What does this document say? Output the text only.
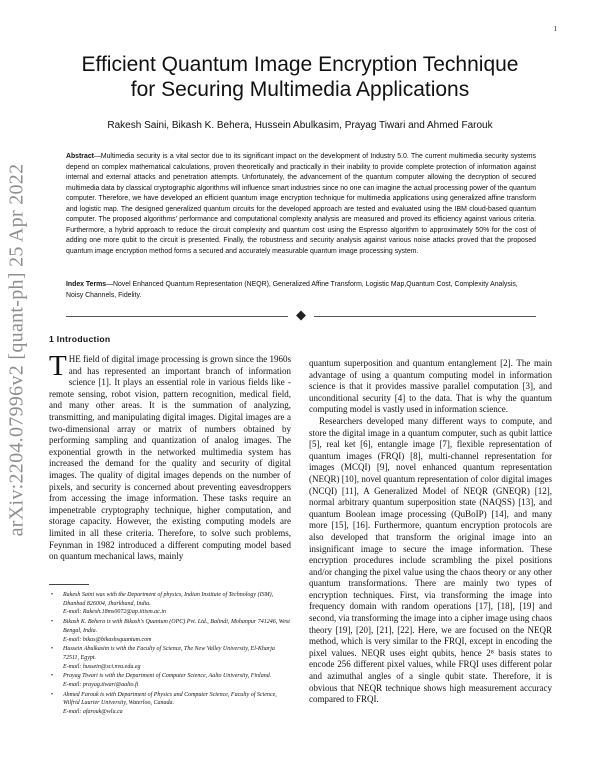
1
arXiv:2204.07996v2 [quant-ph] 25 Apr 2022
Efficient Quantum Image Encryption Technique
for Securing Multimedia Applications
Rakesh Saini, Bikash K. Behera, Hussein Abulkasim, Prayag Tiwari and Ahmed Farouk

Abstract—Multimedia security is a vital sector due to its significant impact on the development of Industry 5.0. The current multimedia security systems depend on complex mathematical calculations, proven theoretically and practically in their inability to provide complete protection of information against internal and external attacks and penetration attempts. Unfortunately, the advancement of the quantum computer allowing the decryption of secured multimedia data by classical cryptographic algorithms will influence smart industries since no one can imagine the actual processing power of the quantum computer. Therefore, we have developed an efficient quantum image encryption technique for multimedia applications using generalized affine transform and logistic map. The designed generalized quantum circuits for the developed approach are tested and evaluated using the IBM cloud-based quantum computer. The proposed algorithms' performance and computational complexity analysis are measured and proved its efficiency against various criteria. Furthermore, a hybrid approach to reduce the circuit complexity and quantum cost using the Espresso algorithm to approximately 50% for the cost of adding one more qubit to the circuit is presented. Finally, the robustness and security analysis against various noise attacks proved that the proposed quantum image encryption method forms a secured and accurately measurable quantum image processing system.

Index Terms—Novel Enhanced Quantum Representation (NEQR), Generalized Affine Transform, Logistic Map,Quantum Cost, Complexity Analysis, Noisy Channels, Fidelity.

1 Introduction

THE field of digital image processing is grown since the 1960s and has represented an important branch of information science [1]. It plays an essential role in various fields like - remote sensing, robot vision, pattern recognition, medical field, and many other areas. It is the summation of analyzing, transmitting, and manipulating digital images. Digital images are a two-dimensional array or matrix of numbers obtained by performing sampling and quantization of analog images. The exponential growth in the networked multimedia system has increased the demand for the quality and security of digital images. The quality of digital images depends on the number of pixels, and security is concerned about preventing eavesdroppers from accessing the image information. These tasks require an impenetrable cryptography technique, higher computation, and storage capacity. However, the existing computing models are limited in all these criteria. Therefore, to solve such problems, Feynman in 1982 introduced a different computing model based on quantum mechanical laws, mainly

quantum superposition and quantum entanglement [2]. The main advantage of using a quantum computing model in information science is that it provides massive parallel computation [3], and unconditional security [4] to the data. That is why the quantum computing model is vastly used in information science.

Researchers developed many different ways to compute, and store the digital image in a quantum computer, such as qubit lattice [5], real ket [6], entangle image [7], flexible representation of quantum images (FRQI) [8], multi-channel representation for images (MCQI) [9], novel enhanced quantum representation (NEQR) [10], novel quantum representation of color digital images (NCQI) [11], A Generalized Model of NEQR (GNEQR) [12], normal arbitrary quantum superposition state (NAQSS) [13], and quantum Boolean image processing (QuBoIP) [14], and many more [15], [16]. Furthermore, quantum encryption protocols are also developed that transform the original image into an insignificant image to secure the image information. These encryption procedures include scrambling the pixel positions and/or changing the pixel value using the chaos theory or any other quantum transformations. There are mainly two types of encryption techniques. First, via transforming the image into frequency domain with random operations [17], [18], [19] and second, via transforming the image into a cipher image using chaos theory [19], [20], [21], [22]. Here, we are focused on the NEQR method, which is very similar to the FRQI, except in encoding the pixel values. NEQR uses eight qubits, hence 2⁸ basis states to encode 256 different pixel values, while FRQI uses different polar and azimuthal angles of a single qubit state. Therefore, it is obvious that NEQR technique shows high measurement accuracy compared to FRQI.

• Rakesh Saini was with the Department of physics, Indian Institute of Technology (ISM), Dhanbad 826004, Jharkhand, India.
E-mail: Rakesh.18ms0072@ap.iitism.ac.in
• Bikash K. Behera is with Bikash's Quantum (OPC) Pvt. Ltd., Balindi, Mohanpur 741246, West Bengal, India.
E-mail: bikas@bikashsquantum.com
• Hussein Abulkasim is with the Faculty of Science, The New Valley University, El-Kharja 72511, Egypt.
E-mail: hussein@sci.nvu.edu.eg
• Prayag Tiwari is with the Department of Computer Science, Aalto University, Finland.
E-mail: prayag.tiwari@aalto.fi
• Ahmed Farouk is with Department of Physics and Computer Science, Faculty of Science, Wilfrid Laurier University, Waterloo, Canada.
E-mail: afarouk@wlu.ca
